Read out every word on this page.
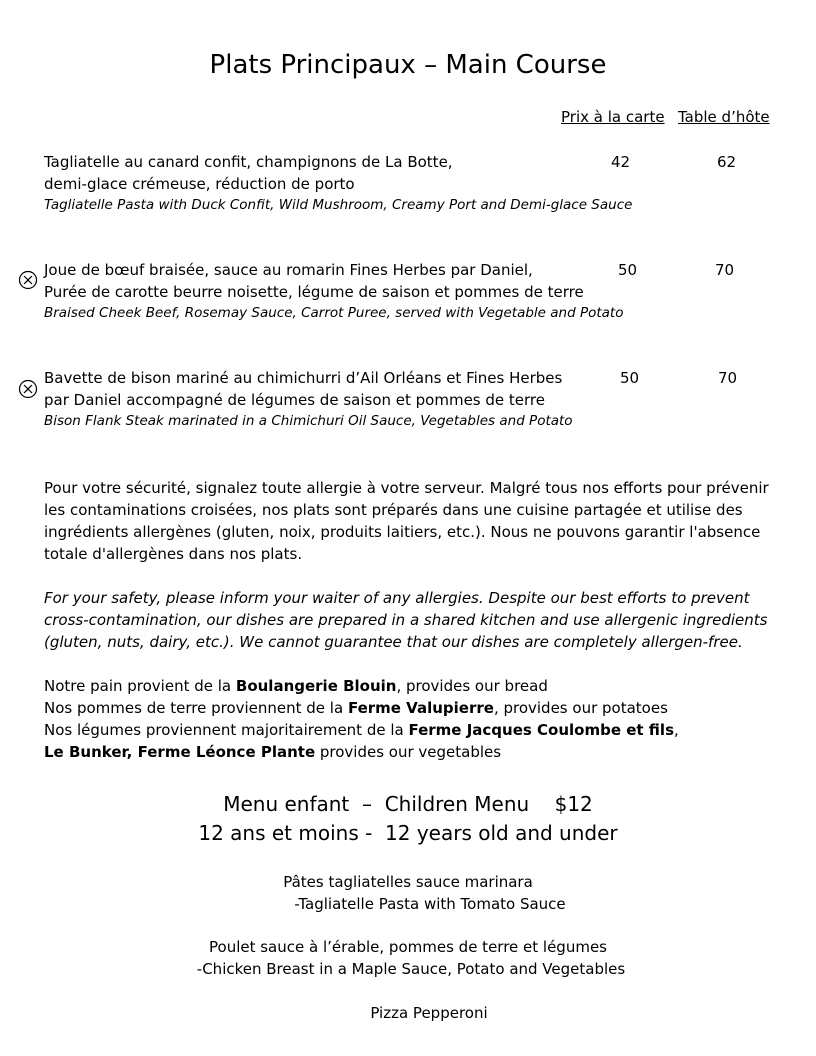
Plats Principaux – Main Course
Prix à la carte Table d’hôte
Tagliatelle au canard confit, champignons de La Botte,
demi-glace crémeuse, réduction de porto
Tagliatelle Pasta with Duck Confit, Wild Mushroom, Creamy Port and Demi-glace Sauce
42	62
Joue de bœuf braisée, sauce au romarin Fines Herbes par Daniel,
Purée de carotte beurre noisette, légume de saison et pommes de terre
Braised Cheek Beef, Rosemay Sauce, Carrot Puree, served with Vegetable and Potato
50	70
Bavette de bison mariné au chimichurri d’Ail Orléans et Fines Herbes
par Daniel accompagné de légumes de saison et pommes de terre
Bison Flank Steak marinated in a Chimichuri Oil Sauce, Vegetables and Potato
50	70
Pour votre sécurité, signalez toute allergie à votre serveur. Malgré tous nos efforts pour prévenir les contaminations croisées, nos plats sont préparés dans une cuisine partagée et utilise des ingrédients allergènes (gluten, noix, produits laitiers, etc.). Nous ne pouvons garantir l'absence totale d'allergènes dans nos plats.
For your safety, please inform your waiter of any allergies. Despite our best efforts to prevent cross-contamination, our dishes are prepared in a shared kitchen and use allergenic ingredients (gluten, nuts, dairy, etc.). We cannot guarantee that our dishes are completely allergen-free.
Notre pain provient de la Boulangerie Blouin, provides our bread
Nos pommes de terre proviennent de la Ferme Valupierre, provides our potatoes
Nos légumes proviennent majoritairement de la Ferme Jacques Coulombe et fils,
Le Bunker, Ferme Léonce Plante provides our vegetables
Menu enfant  –  Children Menu    $12
12 ans et moins -  12 years old and under
Pâtes tagliatelles sauce marinara
-Tagliatelle Pasta with Tomato Sauce
Poulet sauce à l’érable, pommes de terre et légumes
-Chicken Breast in a Maple Sauce, Potato and Vegetables
Pizza Pepperoni
